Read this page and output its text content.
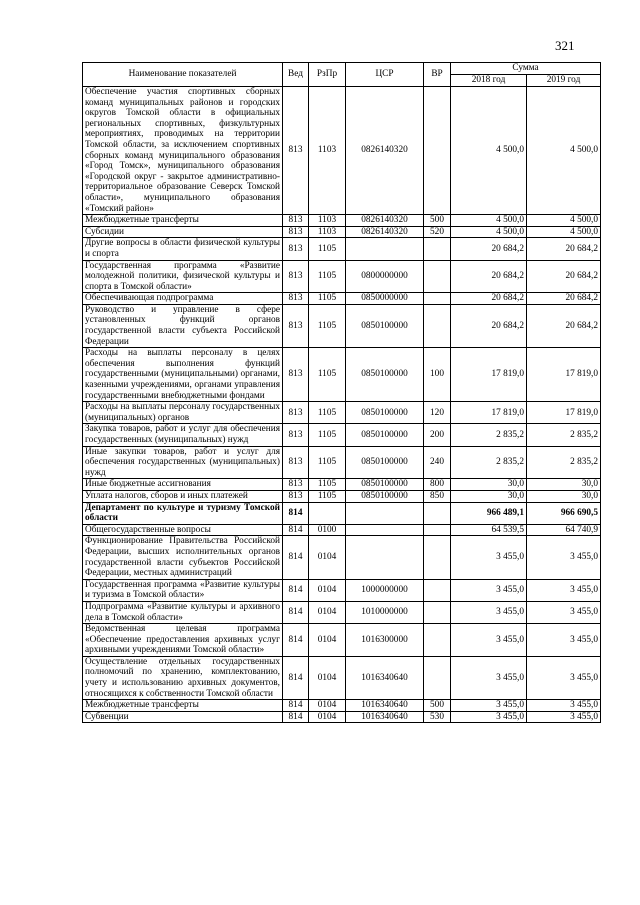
321
Наименование показателей	Вед	РзПр	ЦСР	ВР	Сумма	
					2018 год	2019 год
Обеспечение участия спортивных сборных команд муниципальных районов и городских округов Томской области в официальных региональных спортивных, физкультурных мероприятиях, проводимых на территории Томской области, за исключением спортивных сборных команд муниципального образования «Город Томск», муниципального образования «Городской округ - закрытое административно-территориальное образование Северск Томской области», муниципального образования «Томский район»	813	1103	0826140320		4 500,0	4 500,0
Межбюджетные трансферты	813	1103	0826140320	500	4 500,0	4 500,0
Субсидии	813	1103	0826140320	520	4 500,0	4 500,0
Другие вопросы в области физической культуры и спорта	813	1105			20 684,2	20 684,2
Государственная программа «Развитие молодежной политики, физической культуры и спорта в Томской области»	813	1105	0800000000		20 684,2	20 684,2
Обеспечивающая подпрограмма	813	1105	0850000000		20 684,2	20 684,2
Руководство и управление в сфере установленных функций органов государственной власти субъекта Российской Федерации	813	1105	0850100000		20 684,2	20 684,2
Расходы на выплаты персоналу в целях обеспечения выполнения функций государственными (муниципальными) органами, казенными учреждениями, органами управления государственными внебюджетными фондами	813	1105	0850100000	100	17 819,0	17 819,0
Расходы на выплаты персоналу государственных (муниципальных) органов	813	1105	0850100000	120	17 819,0	17 819,0
Закупка товаров, работ и услуг для обеспечения государственных (муниципальных) нужд	813	1105	0850100000	200	2 835,2	2 835,2
Иные закупки товаров, работ и услуг для обеспечения государственных (муниципальных) нужд	813	1105	0850100000	240	2 835,2	2 835,2
Иные бюджетные ассигнования	813	1105	0850100000	800	30,0	30,0
Уплата налогов, сборов и иных платежей	813	1105	0850100000	850	30,0	30,0
Департамент по культуре и туризму Томской области	814				966 489,1	966 690,5
Общегосударственные вопросы	814	0100			64 539,5	64 740,9
Функционирование Правительства Российской Федерации, высших исполнительных органов государственной власти субъектов Российской Федерации, местных администраций	814	0104			3 455,0	3 455,0
Государственная программа «Развитие культуры и туризма в Томской области»	814	0104	1000000000		3 455,0	3 455,0
Подпрограмма «Развитие культуры и архивного дела в Томской области»	814	0104	1010000000		3 455,0	3 455,0
Ведомственная целевая программа «Обеспечение предоставления архивных услуг архивными учреждениями Томской области»	814	0104	1016300000		3 455,0	3 455,0
Осуществление отдельных государственных полномочий по хранению, комплектованию, учету и использованию архивных документов, относящихся к собственности Томской области	814	0104	1016340640		3 455,0	3 455,0
Межбюджетные трансферты	814	0104	1016340640	500	3 455,0	3 455,0
Субвенции	814	0104	1016340640	530	3 455,0	3 455,0
